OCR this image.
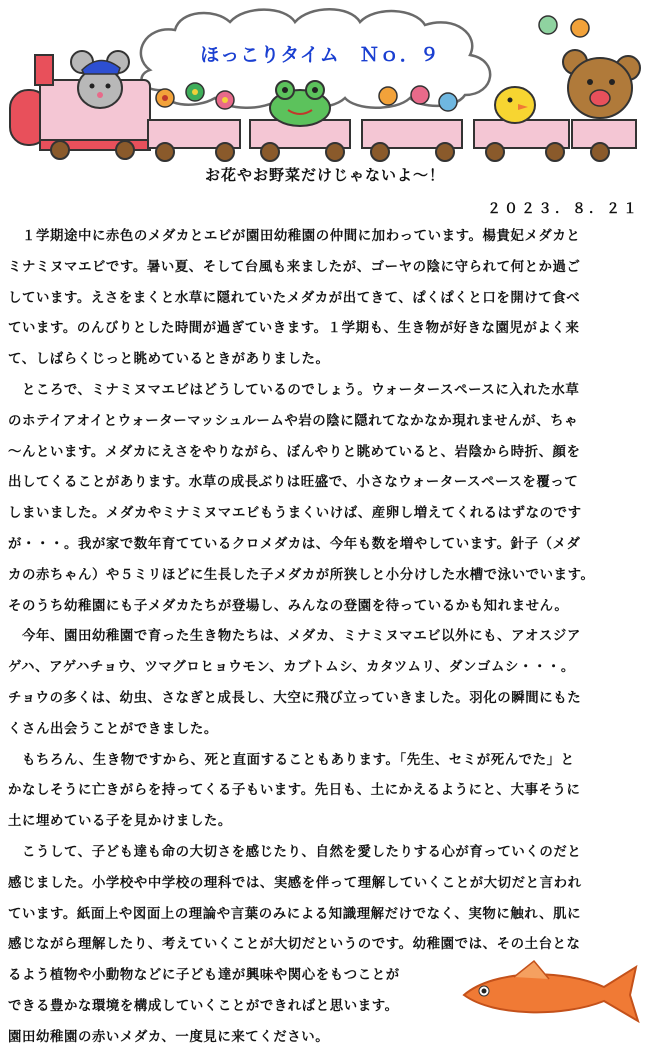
ほっこりタイム　Ｎｏ．９
お花やお野菜だけじゃないよ～！
２０２３．８．２１
　１学期途中に赤色のメダカとエビが園田幼稚園の仲間に加わっています。楊貴妃メダカと
ミナミヌマエビです。暑い夏、そして台風も来ましたが、ゴーヤの陰に守られて何とか過ご
しています。えさをまくと水草に隠れていたメダカが出てきて、ぱくぱくと口を開けて食べ
ています。のんびりとした時間が過ぎていきます。１学期も、生き物が好きな園児がよく来
て、しばらくじっと眺めているときがありました。
　ところで、ミナミヌマエビはどうしているのでしょう。ウォータースペースに入れた水草
のホテイアオイとウォーターマッシュルームや岩の陰に隠れてなかなか現れませんが、ちゃ
～んといます。メダカにえさをやりながら、ぼんやりと眺めていると、岩陰から時折、顔を
出してくることがあります。水草の成長ぶりは旺盛で、小さなウォータースペースを覆って
しまいました。メダカやミナミヌマエビもうまくいけば、産卵し増えてくれるはずなのです
が・・・。我が家で数年育てているクロメダカは、今年も数を増やしています。針子（メダ
カの赤ちゃん）や５ミリほどに生長した子メダカが所狭しと小分けした水槽で泳いでいます。
そのうち幼稚園にも子メダカたちが登場し、みんなの登園を待っているかも知れません。
　今年、園田幼稚園で育った生き物たちは、メダカ、ミナミヌマエビ以外にも、アオスジア
ゲハ、アゲハチョウ、ツマグロヒョウモン、カブトムシ、カタツムリ、ダンゴムシ・・・。
チョウの多くは、幼虫、さなぎと成長し、大空に飛び立っていきました。羽化の瞬間にもた
くさん出会うことができました。
　もちろん、生き物ですから、死と直面することもあります。「先生、セミが死んでた」と
かなしそうに亡きがらを持ってくる子もいます。先日も、土にかえるようにと、大事そうに
土に埋めている子を見かけました。
　こうして、子ども達も命の大切さを感じたり、自然を愛したりする心が育っていくのだと
感じました。小学校や中学校の理科では、実感を伴って理解していくことが大切だと言われ
ています。紙面上や図面上の理論や言葉のみによる知識理解だけでなく、実物に触れ、肌に
感じながら理解したり、考えていくことが大切だというのです。幼稚園では、その土台とな
るよう植物や小動物などに子ども達が興味や関心をもつことが
できる豊かな環境を構成していくことができればと思います。
園田幼稚園の赤いメダカ、一度見に来てください。
